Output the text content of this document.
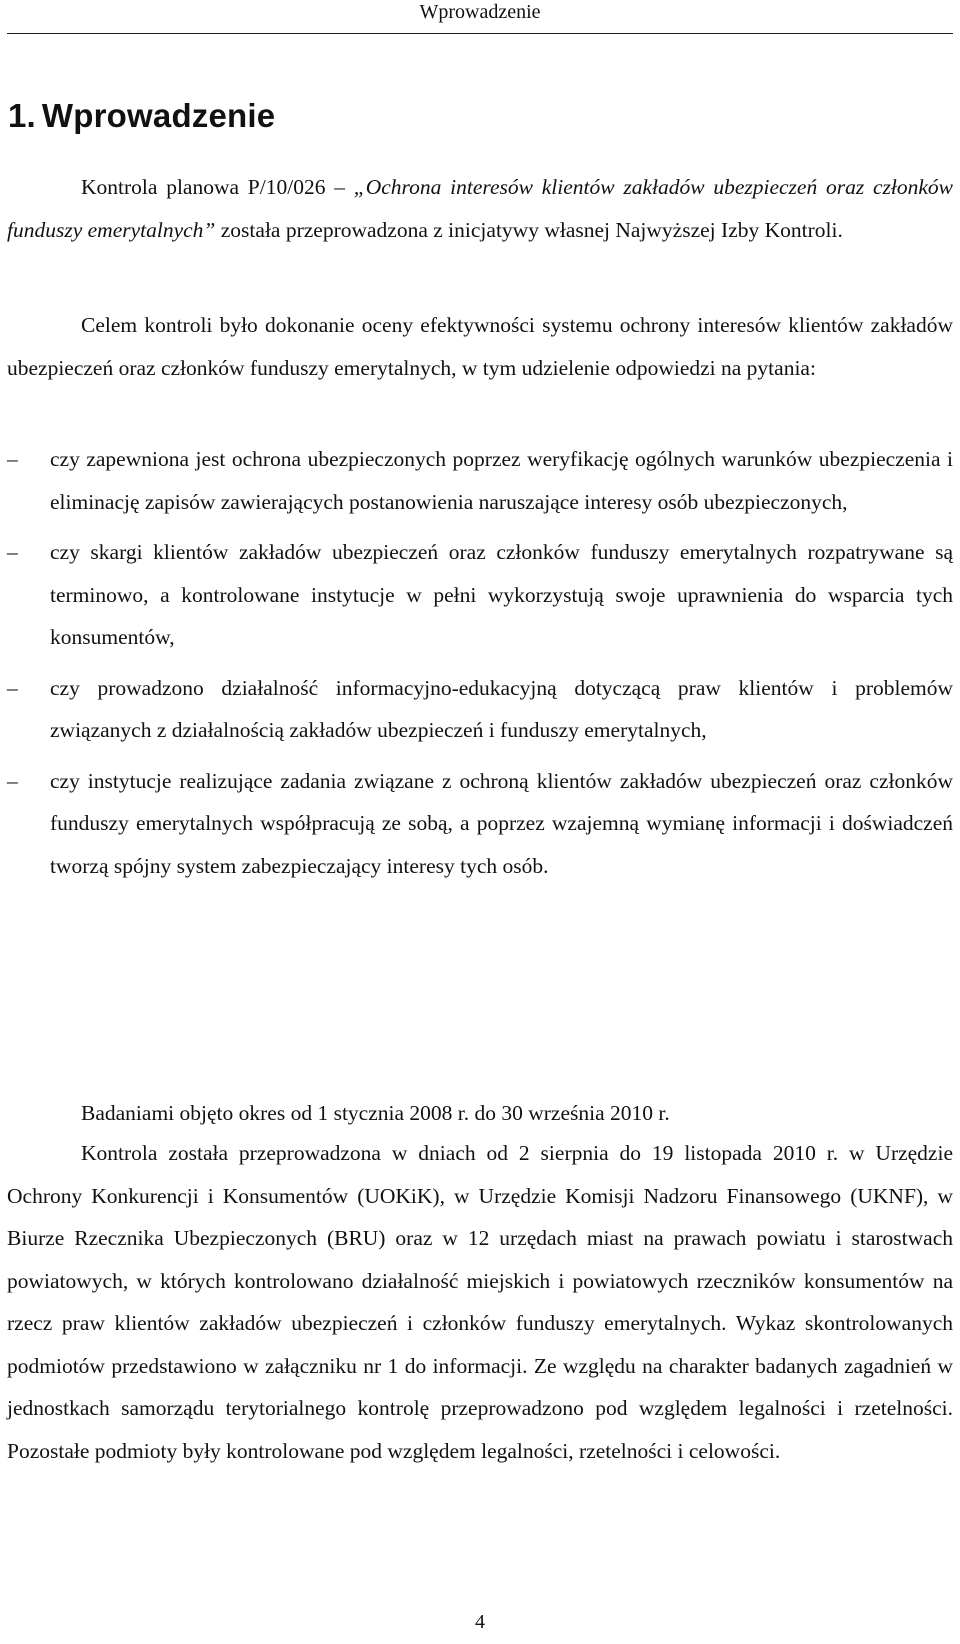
Wprowadzenie
1. Wprowadzenie

Kontrola planowa P/10/026 – „Ochrona interesów klientów zakładów ubezpieczeń oraz członków funduszy emerytalnych” została przeprowadzona z inicjatywy własnej Najwyższej Izby Kontroli.

Celem kontroli było dokonanie oceny efektywności systemu ochrony interesów klientów zakładów ubezpieczeń oraz członków funduszy emerytalnych, w tym udzielenie odpowiedzi na pytania:

–	czy zapewniona jest ochrona ubezpieczonych poprzez weryfikację ogólnych warunków ubezpieczenia i eliminację zapisów zawierających postanowienia naruszające interesy osób ubezpieczonych,
–	czy skargi klientów zakładów ubezpieczeń oraz członków funduszy emerytalnych rozpatrywane są terminowo, a kontrolowane instytucje w pełni wykorzystują swoje uprawnienia do wsparcia tych konsumentów,
–	czy prowadzono działalność informacyjno-edukacyjną dotyczącą praw klientów i problemów związanych z działalnością zakładów ubezpieczeń i funduszy emerytalnych,
–	czy instytucje realizujące zadania związane z ochroną klientów zakładów ubezpieczeń oraz członków funduszy emerytalnych współpracują ze sobą, a poprzez wzajemną wymianę informacji i doświadczeń tworzą spójny system zabezpieczający interesy tych osób.

Badaniami objęto okres od 1 stycznia 2008 r. do 30 września 2010 r.

Kontrola została przeprowadzona w dniach od 2 sierpnia do 19 listopada 2010 r. w Urzędzie Ochrony Konkurencji i Konsumentów (UOKiK), w Urzędzie Komisji Nadzoru Finansowego (UKNF), w Biurze Rzecznika Ubezpieczonych (BRU) oraz w 12 urzędach miast na prawach powiatu i starostwach powiatowych, w których kontrolowano działalność miejskich i powiatowych rzeczników konsumentów na rzecz praw klientów zakładów ubezpieczeń i członków funduszy emerytalnych. Wykaz skontrolowanych podmiotów przedstawiono w załączniku nr 1 do informacji. Ze względu na charakter badanych zagadnień w jednostkach samorządu terytorialnego kontrolę przeprowadzono pod względem legalności i rzetelności. Pozostałe podmioty były kontrolowane pod względem legalności, rzetelności i celowości.

4
